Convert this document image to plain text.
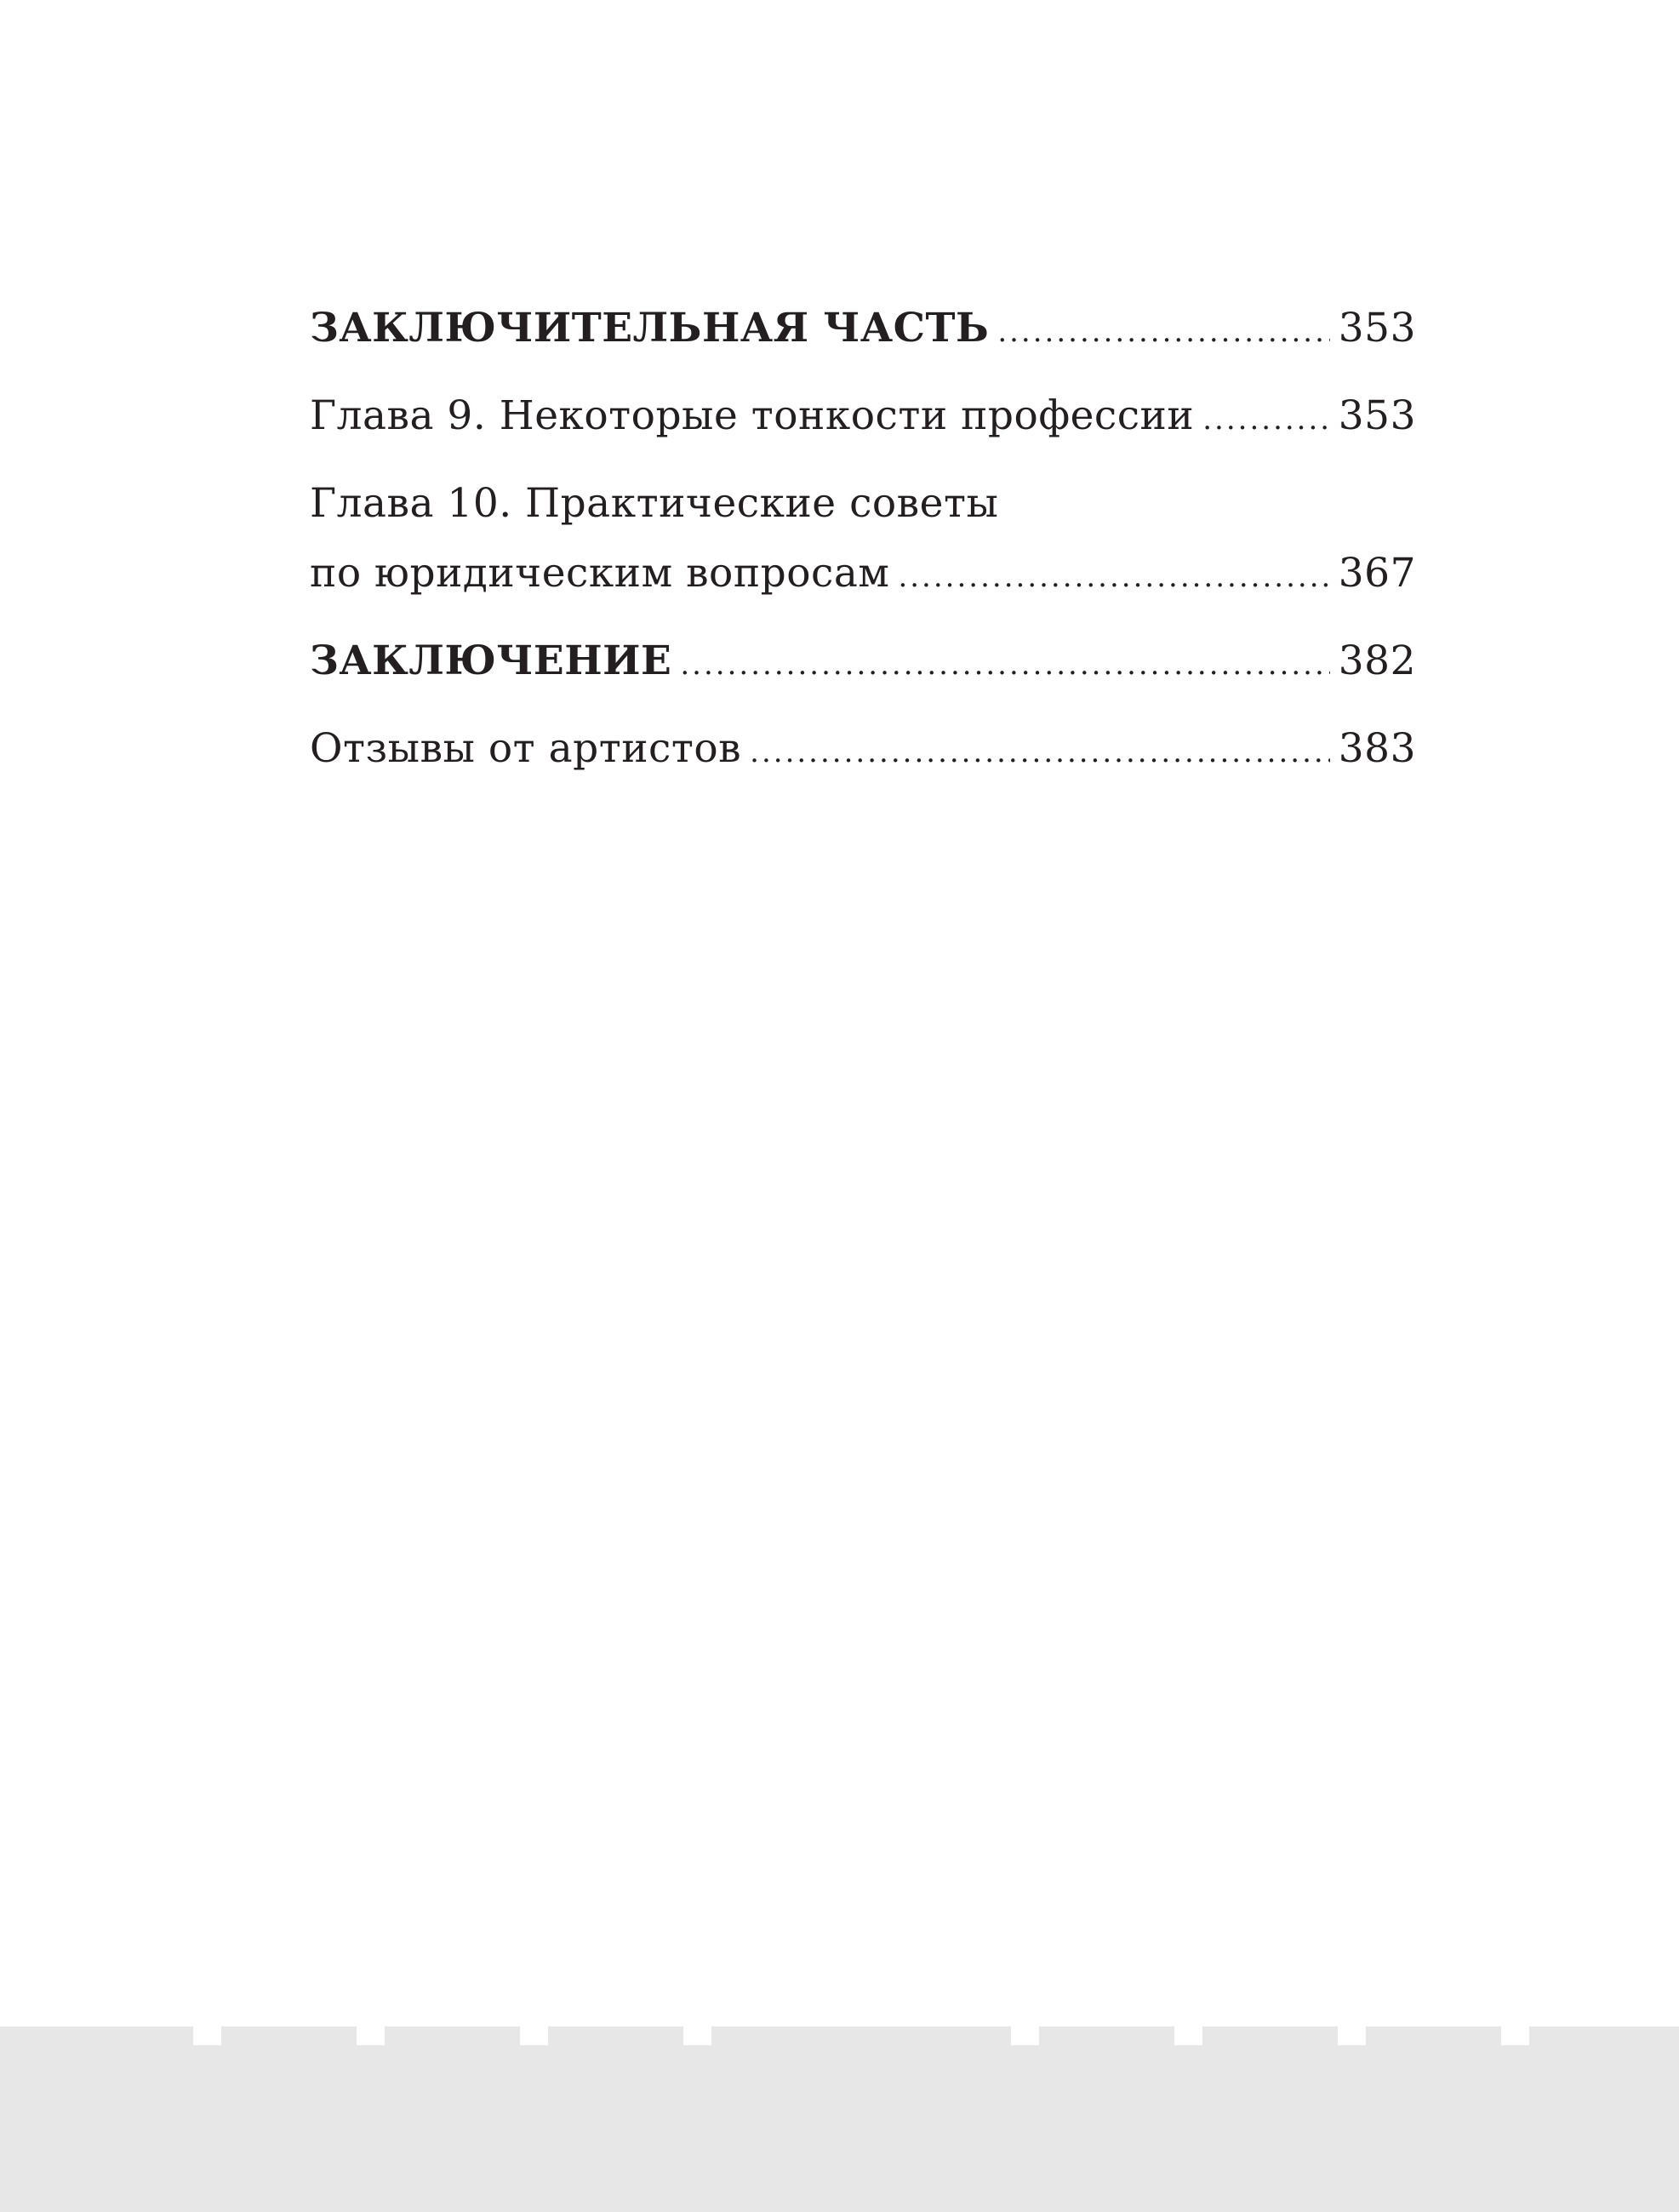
ЗАКЛЮЧИТЕЛЬНАЯ ЧАСТЬ .....	353
Глава 9. Некоторые тонкости профессии .....	353
Глава 10. Практические советы
по юридическим вопросам .....	367
ЗАКЛЮЧЕНИЕ .....	382
Отзывы от артистов .....	383
